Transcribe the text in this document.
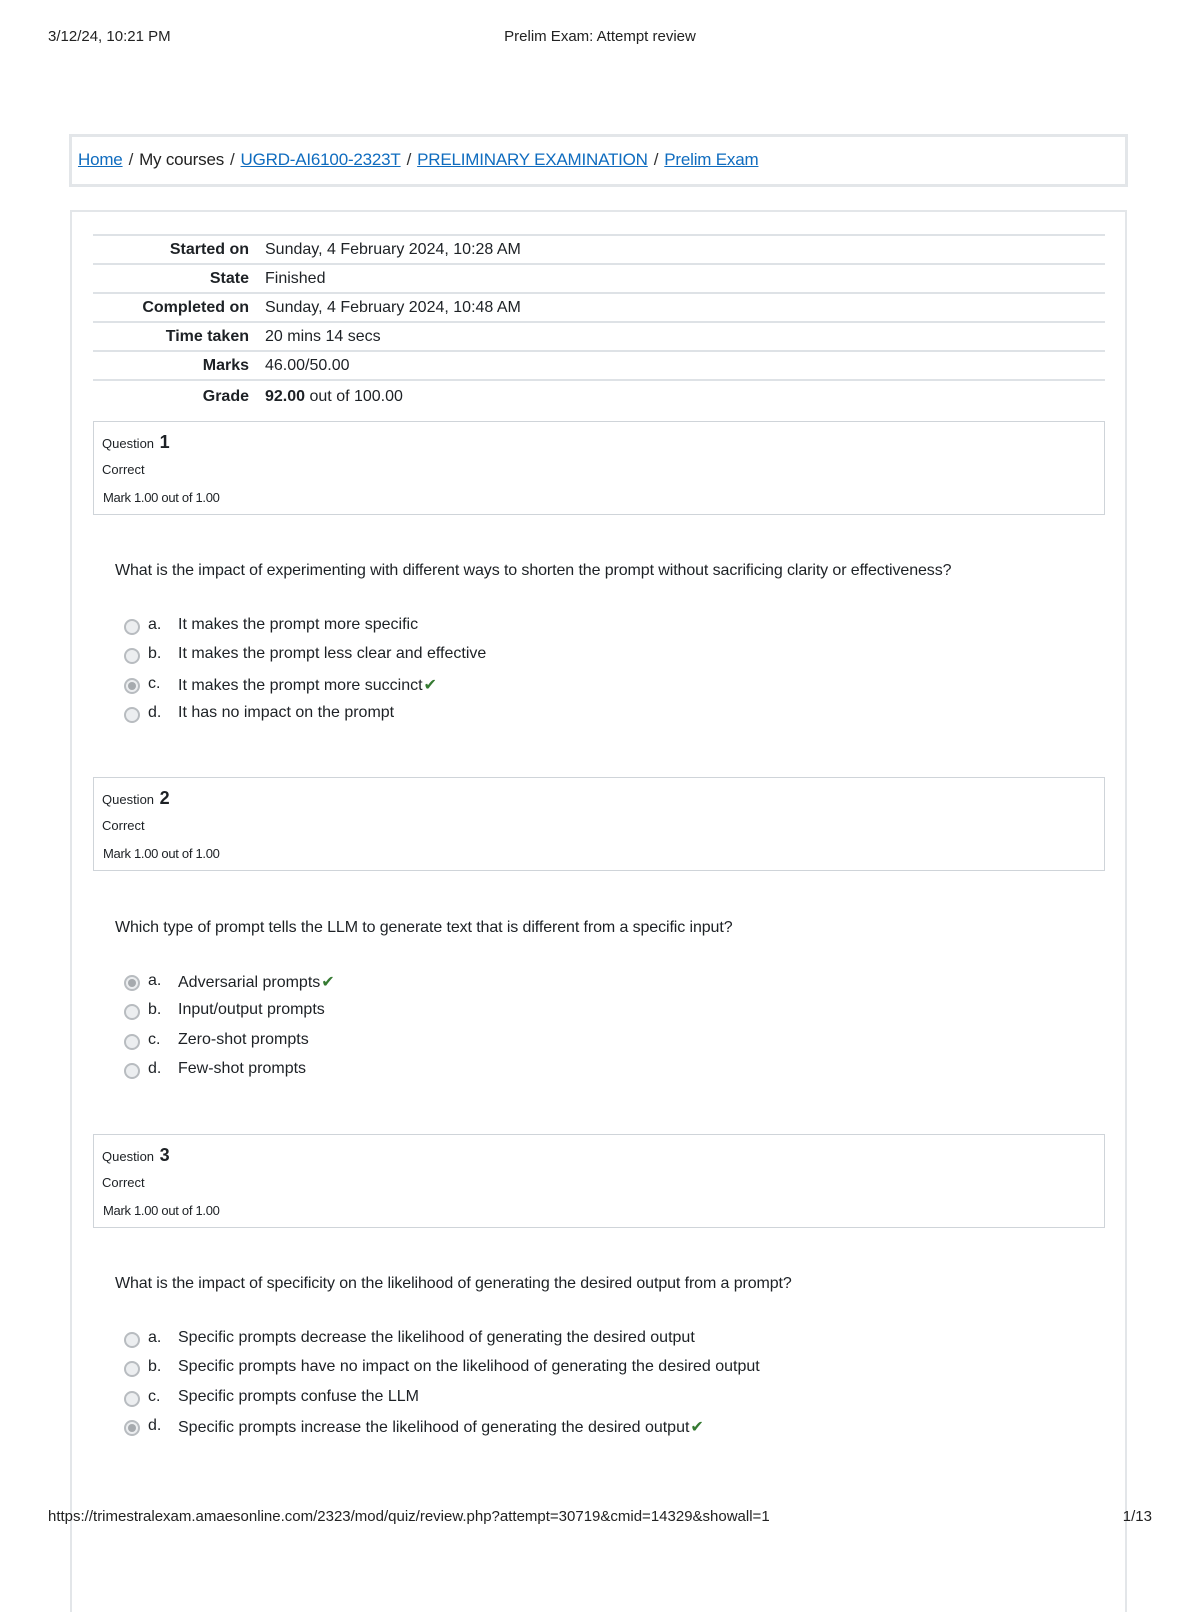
3/12/24, 10:21 PM	Prelim Exam: Attempt review
Home / My courses / UGRD-AI6100-2323T / PRELIMINARY EXAMINATION / Prelim Exam
Started on	Sunday, 4 February 2024, 10:28 AM
State	Finished
Completed on	Sunday, 4 February 2024, 10:48 AM
Time taken	20 mins 14 secs
Marks	46.00/50.00
Grade	92.00 out of 100.00
Question 1
Correct
Mark 1.00 out of 1.00
What is the impact of experimenting with different ways to shorten the prompt without sacrificing clarity or effectiveness?
a. It makes the prompt more specific
b. It makes the prompt less clear and effective
c. It makes the prompt more succinct✔
d. It has no impact on the prompt
Question 2
Correct
Mark 1.00 out of 1.00
Which type of prompt tells the LLM to generate text that is different from a specific input?
a. Adversarial prompts✔
b. Input/output prompts
c. Zero-shot prompts
d. Few-shot prompts
Question 3
Correct
Mark 1.00 out of 1.00
What is the impact of specificity on the likelihood of generating the desired output from a prompt?
a. Specific prompts decrease the likelihood of generating the desired output
b. Specific prompts have no impact on the likelihood of generating the desired output
c. Specific prompts confuse the LLM
d. Specific prompts increase the likelihood of generating the desired output✔
https://trimestralexam.amaesonline.com/2323/mod/quiz/review.php?attempt=30719&cmid=14329&showall=1	1/13
